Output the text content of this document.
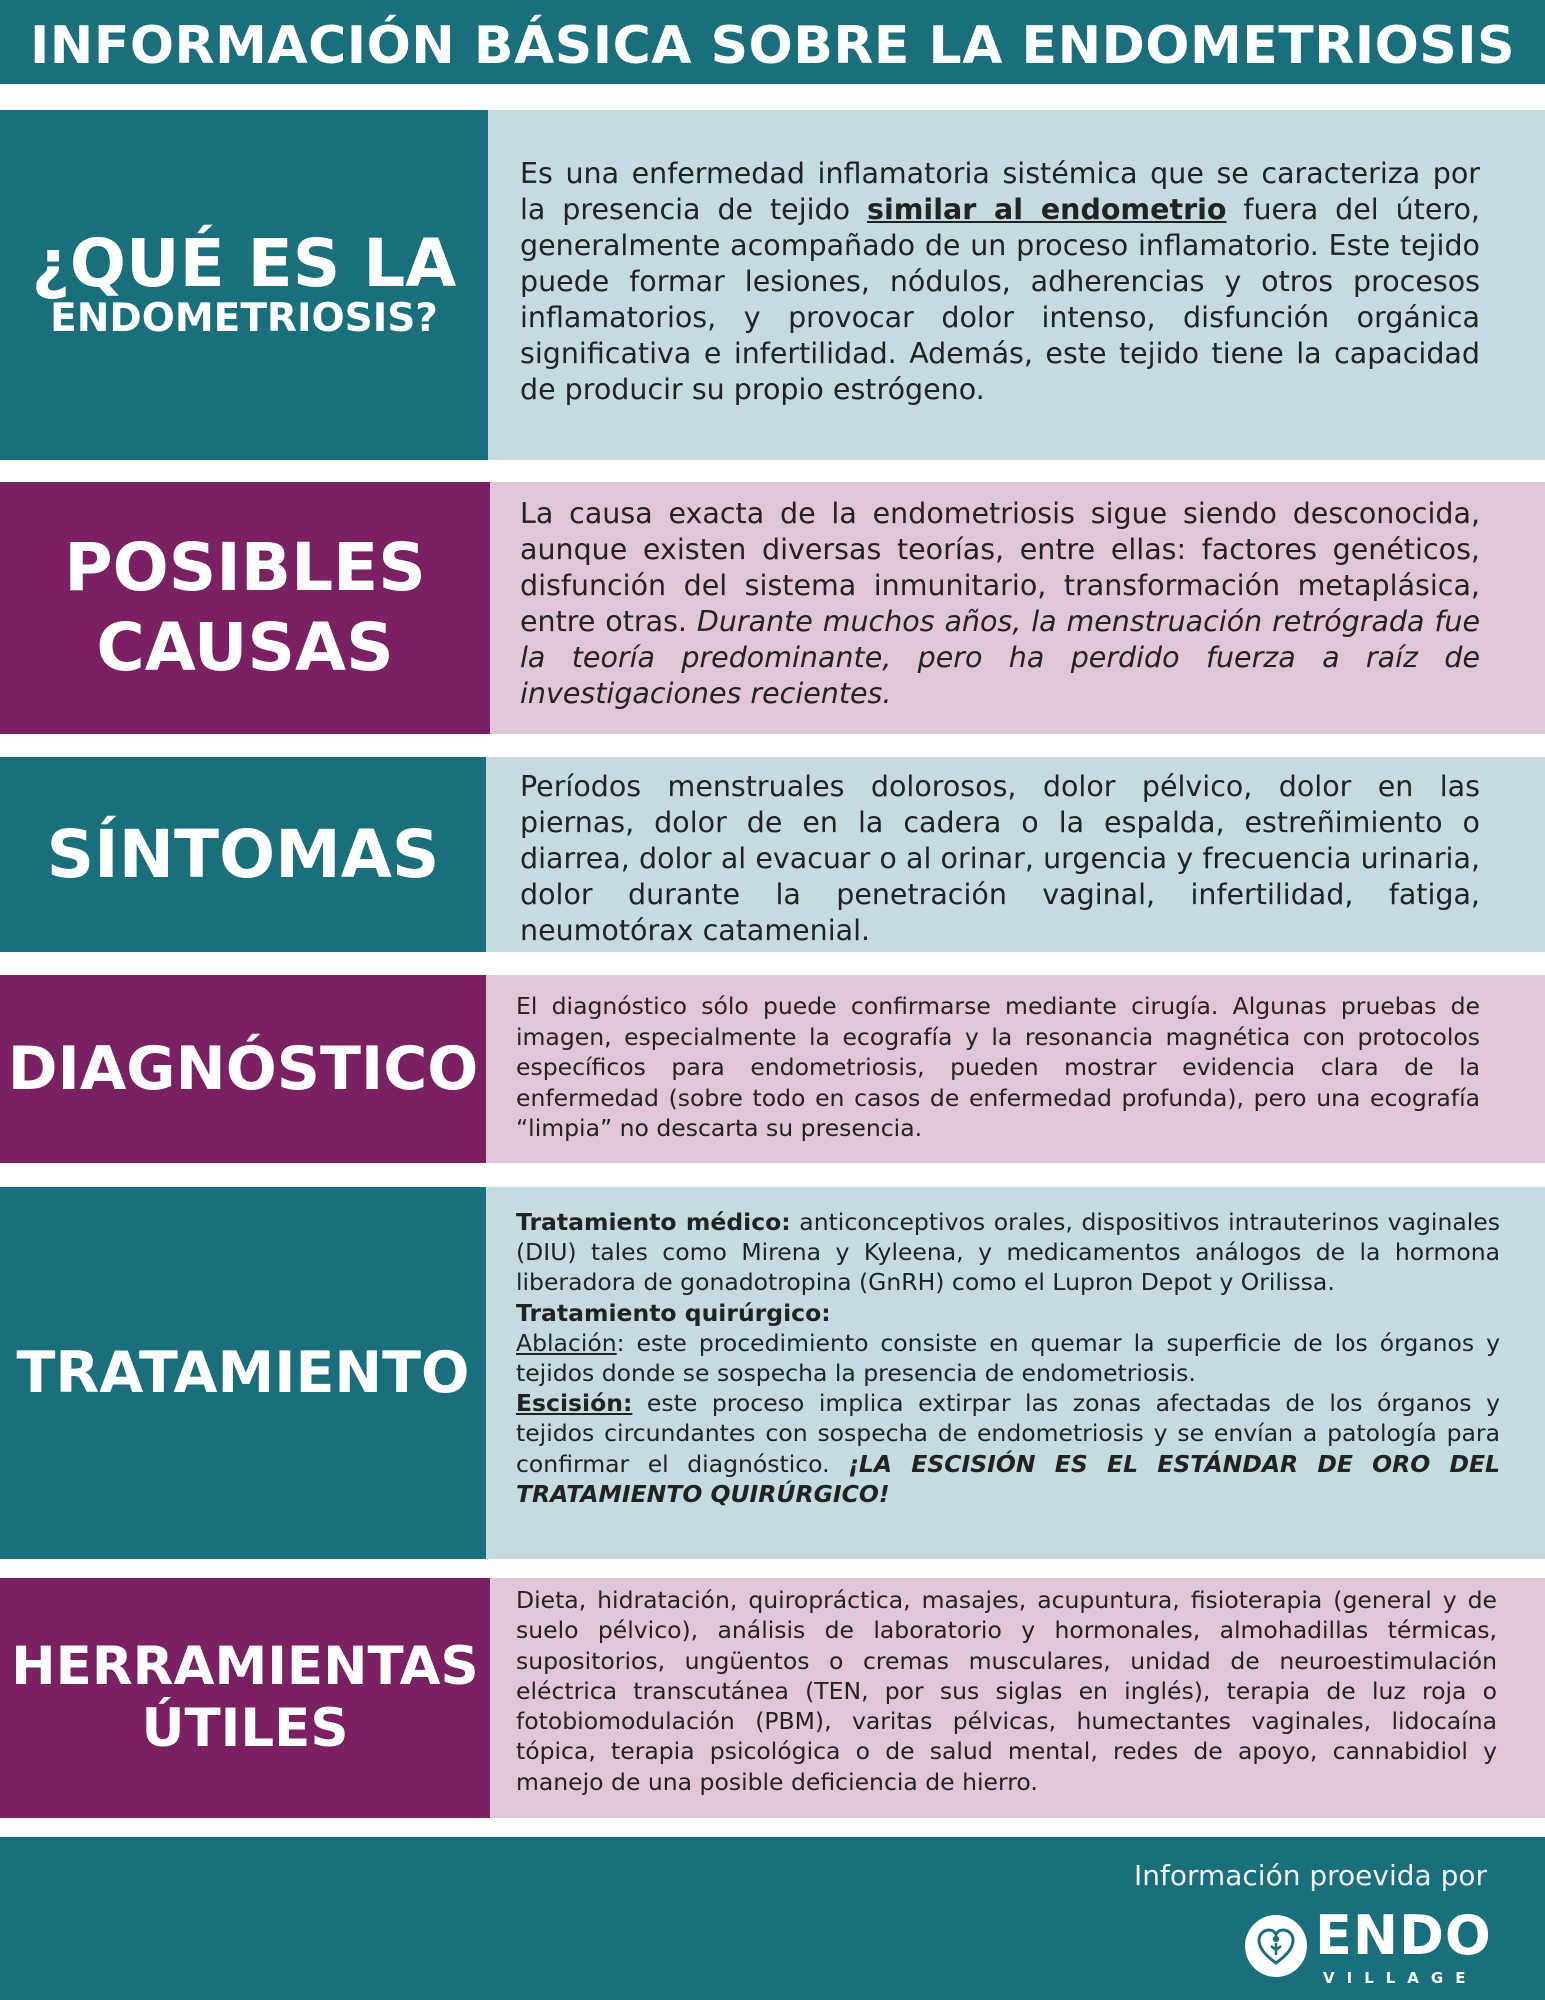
INFORMACIÓN BÁSICA SOBRE LA ENDOMETRIOSIS
¿QUÉ ES LA
ENDOMETRIOSIS?

Es una enfermedad inflamatoria sistémica que se caracteriza por la presencia de tejido similar al endometrio fuera del útero, generalmente acompañado de un proceso inflamatorio. Este tejido puede formar lesiones, nódulos, adherencias y otros procesos inflamatorios, y provocar dolor intenso, disfunción orgánica significativa e infertilidad. Además, este tejido tiene la capacidad de producir su propio estrógeno.

POSIBLES
CAUSAS

La causa exacta de la endometriosis sigue siendo desconocida, aunque existen diversas teorías, entre ellas: factores genéticos, disfunción del sistema inmunitario, transformación metaplásica, entre otras. Durante muchos años, la menstruación retrógrada fue la teoría predominante, pero ha perdido fuerza a raíz de investigaciones recientes.

SÍNTOMAS

Períodos menstruales dolorosos, dolor pélvico, dolor en las piernas, dolor de en la cadera o la espalda, estreñimiento o diarrea, dolor al evacuar o al orinar, urgencia y frecuencia urinaria, dolor durante la penetración vaginal, infertilidad, fatiga, neumotórax catamenial.

DIAGNÓSTICO

El diagnóstico sólo puede confirmarse mediante cirugía. Algunas pruebas de imagen, especialmente la ecografía y la resonancia magnética con protocolos específicos para endometriosis, pueden mostrar evidencia clara de la enfermedad (sobre todo en casos de enfermedad profunda), pero una ecografía “limpia” no descarta su presencia.

TRATAMIENTO

Tratamiento médico: anticonceptivos orales, dispositivos intrauterinos vaginales (DIU) tales como Mirena y Kyleena, y medicamentos análogos de la hormona liberadora de gonadotropina (GnRH) como el Lupron Depot y Orilissa.

Tratamiento quirúrgico:

Ablación: este procedimiento consiste en quemar la superficie de los órganos y tejidos donde se sospecha la presencia de endometriosis.

Escisión: este proceso implica extirpar las zonas afectadas de los órganos y tejidos circundantes con sospecha de endometriosis y se envían a patología para confirmar el diagnóstico. ¡LA ESCISIÓN ES EL ESTÁNDAR DE ORO DEL TRATAMIENTO QUIRÚRGICO!

HERRAMIENTAS
ÚTILES

Dieta, hidratación, quiropráctica, masajes, acupuntura, fisioterapia (general y de suelo pélvico), análisis de laboratorio y hormonales, almohadillas térmicas, supositorios, ungüentos o cremas musculares, unidad de neuroestimulación eléctrica transcutánea (TEN, por sus siglas en inglés), terapia de luz roja o fotobiomodulación (PBM), varitas pélvicas, humectantes vaginales, lidocaína tópica, terapia psicológica o de salud mental, redes de apoyo, cannabidiol y manejo de una posible deficiencia de hierro.

Información proevida por
ENDO
VILLAGE
